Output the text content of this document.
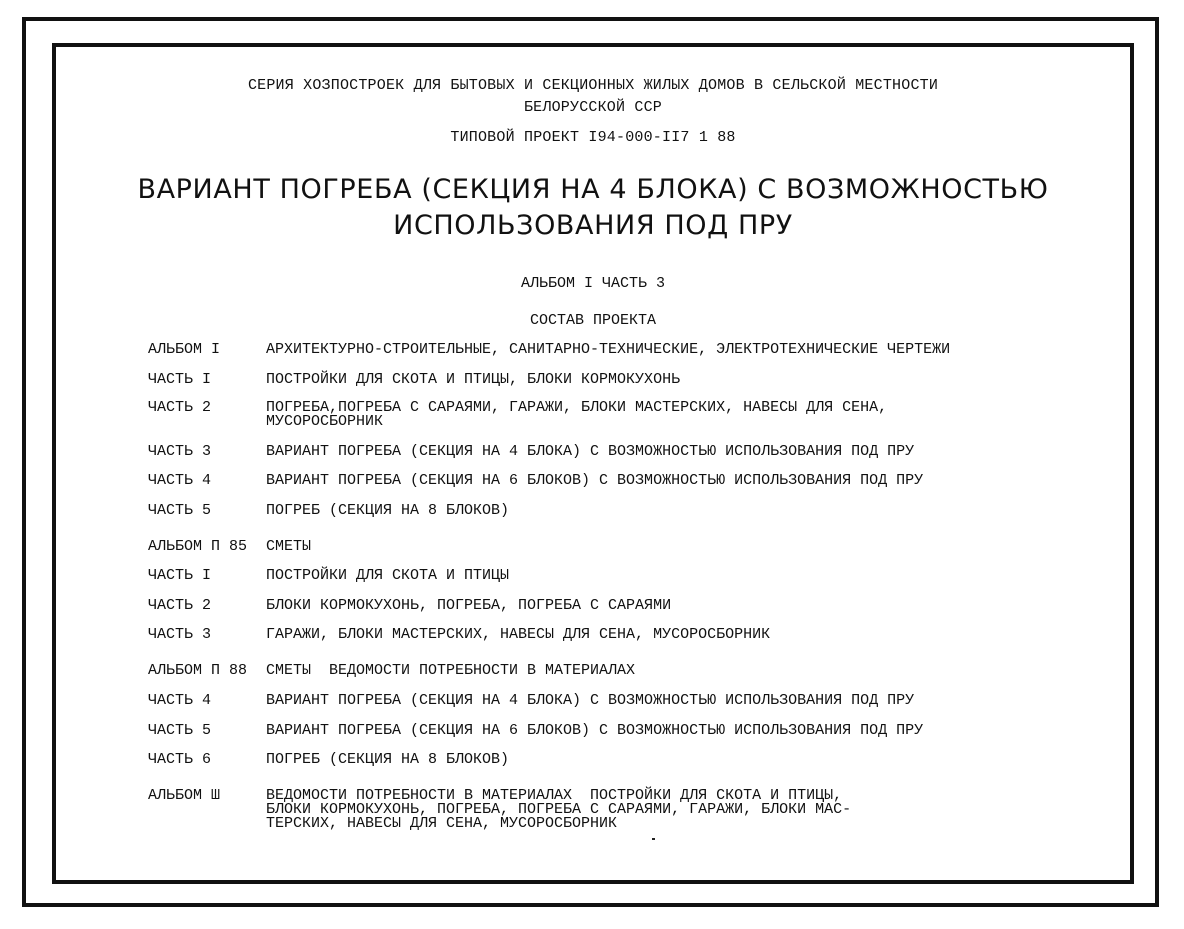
СЕРИЯ ХОЗПОСТРОЕК ДЛЯ БЫТОВЫХ И СЕКЦИОННЫХ ЖИЛЫХ ДОМОВ В СЕЛЬСКОЙ МЕСТНОСТИ
БЕЛОРУССКОЙ ССР
ТИПОВОЙ ПРОЕКТ I94-000-II7 1 88
ВАРИАНТ ПОГРЕБА (СЕКЦИЯ НА 4 БЛОКА) С ВОЗМОЖНОСТЬЮ
ИСПОЛЬЗОВАНИЯ ПОД ПРУ
АЛЬБОМ I ЧАСТЬ 3
СОСТАВ ПРОЕКТА
АЛЬБОМ I	АРХИТЕКТУРНО-СТРОИТЕЛЬНЫЕ, САНИТАРНО-ТЕХНИЧЕСКИЕ, ЭЛЕКТРОТЕХНИЧЕСКИЕ ЧЕРТЕЖИ
ЧАСТЬ I	ПОСТРОЙКИ ДЛЯ СКОТА И ПТИЦЫ, БЛОКИ КОРМОКУХОНЬ
ЧАСТЬ 2	ПОГРЕБА,ПОГРЕБА С САРАЯМИ, ГАРАЖИ, БЛОКИ МАСТЕРСКИХ, НАВЕСЫ ДЛЯ СЕНА,
МУСОРОСБОРНИК
ЧАСТЬ 3	ВАРИАНТ ПОГРЕБА (СЕКЦИЯ НА 4 БЛОКА) С ВОЗМОЖНОСТЬЮ ИСПОЛЬЗОВАНИЯ ПОД ПРУ
ЧАСТЬ 4	ВАРИАНТ ПОГРЕБА (СЕКЦИЯ НА 6 БЛОКОВ) С ВОЗМОЖНОСТЬЮ ИСПОЛЬЗОВАНИЯ ПОД ПРУ
ЧАСТЬ 5	ПОГРЕБ (СЕКЦИЯ НА 8 БЛОКОВ)
АЛЬБОМ П 85	СМЕТЫ
ЧАСТЬ I	ПОСТРОЙКИ ДЛЯ СКОТА И ПТИЦЫ
ЧАСТЬ 2	БЛОКИ КОРМОКУХОНЬ, ПОГРЕБА, ПОГРЕБА С САРАЯМИ
ЧАСТЬ 3	ГАРАЖИ, БЛОКИ МАСТЕРСКИХ, НАВЕСЫ ДЛЯ СЕНА, МУСОРОСБОРНИК
АЛЬБОМ П 88	СМЕТЫ  ВЕДОМОСТИ ПОТРЕБНОСТИ В МАТЕРИАЛАХ
ЧАСТЬ 4	ВАРИАНТ ПОГРЕБА (СЕКЦИЯ НА 4 БЛОКА) С ВОЗМОЖНОСТЬЮ ИСПОЛЬЗОВАНИЯ ПОД ПРУ
ЧАСТЬ 5	ВАРИАНТ ПОГРЕБА (СЕКЦИЯ НА 6 БЛОКОВ) С ВОЗМОЖНОСТЬЮ ИСПОЛЬЗОВАНИЯ ПОД ПРУ
ЧАСТЬ 6	ПОГРЕБ (СЕКЦИЯ НА 8 БЛОКОВ)
АЛЬБОМ Ш	ВЕДОМОСТИ ПОТРЕБНОСТИ В МАТЕРИАЛАХ  ПОСТРОЙКИ ДЛЯ СКОТА И ПТИЦЫ,
БЛОКИ КОРМОКУХОНЬ, ПОГРЕБА, ПОГРЕБА С САРАЯМИ, ГАРАЖИ, БЛОКИ МАС-
ТЕРСКИХ, НАВЕСЫ ДЛЯ СЕНА, МУСОРОСБОРНИК
